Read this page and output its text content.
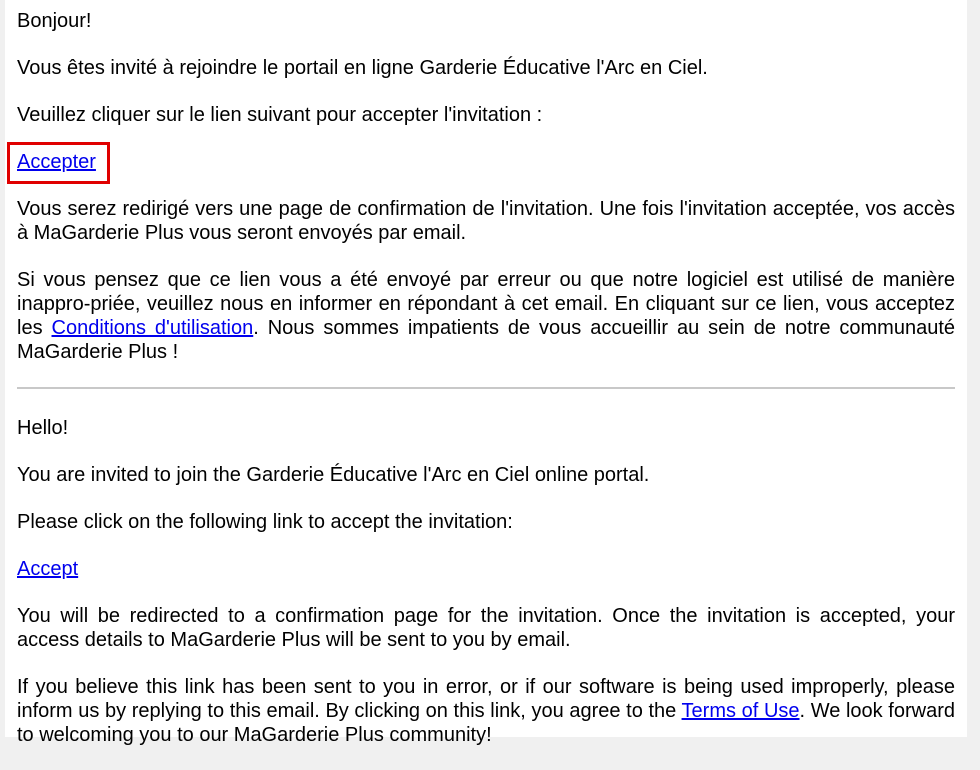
Bonjour!

Vous êtes invité à rejoindre le portail en ligne Garderie Éducative l'Arc en Ciel.

Veuillez cliquer sur le lien suivant pour accepter l'invitation :

Accepter

Vous serez redirigé vers une page de confirmation de l'invitation. Une fois l'invitation acceptée, vos accès à MaGarderie Plus vous seront envoyés par email.

Si vous pensez que ce lien vous a été envoyé par erreur ou que notre logiciel est utilisé de manière inappro-priée, veuillez nous en informer en répondant à cet email. En cliquant sur ce lien, vous acceptez les Conditions d'utilisation. Nous sommes impatients de vous accueillir au sein de notre communauté MaGarderie Plus !

Hello!

You are invited to join the Garderie Éducative l'Arc en Ciel online portal.

Please click on the following link to accept the invitation:

Accept

You will be redirected to a confirmation page for the invitation. Once the invitation is accepted, your access details to MaGarderie Plus will be sent to you by email.

If you believe this link has been sent to you in error, or if our software is being used improperly, please inform us by replying to this email. By clicking on this link, you agree to the Terms of Use. We look forward to welcoming you to our MaGarderie Plus community!
